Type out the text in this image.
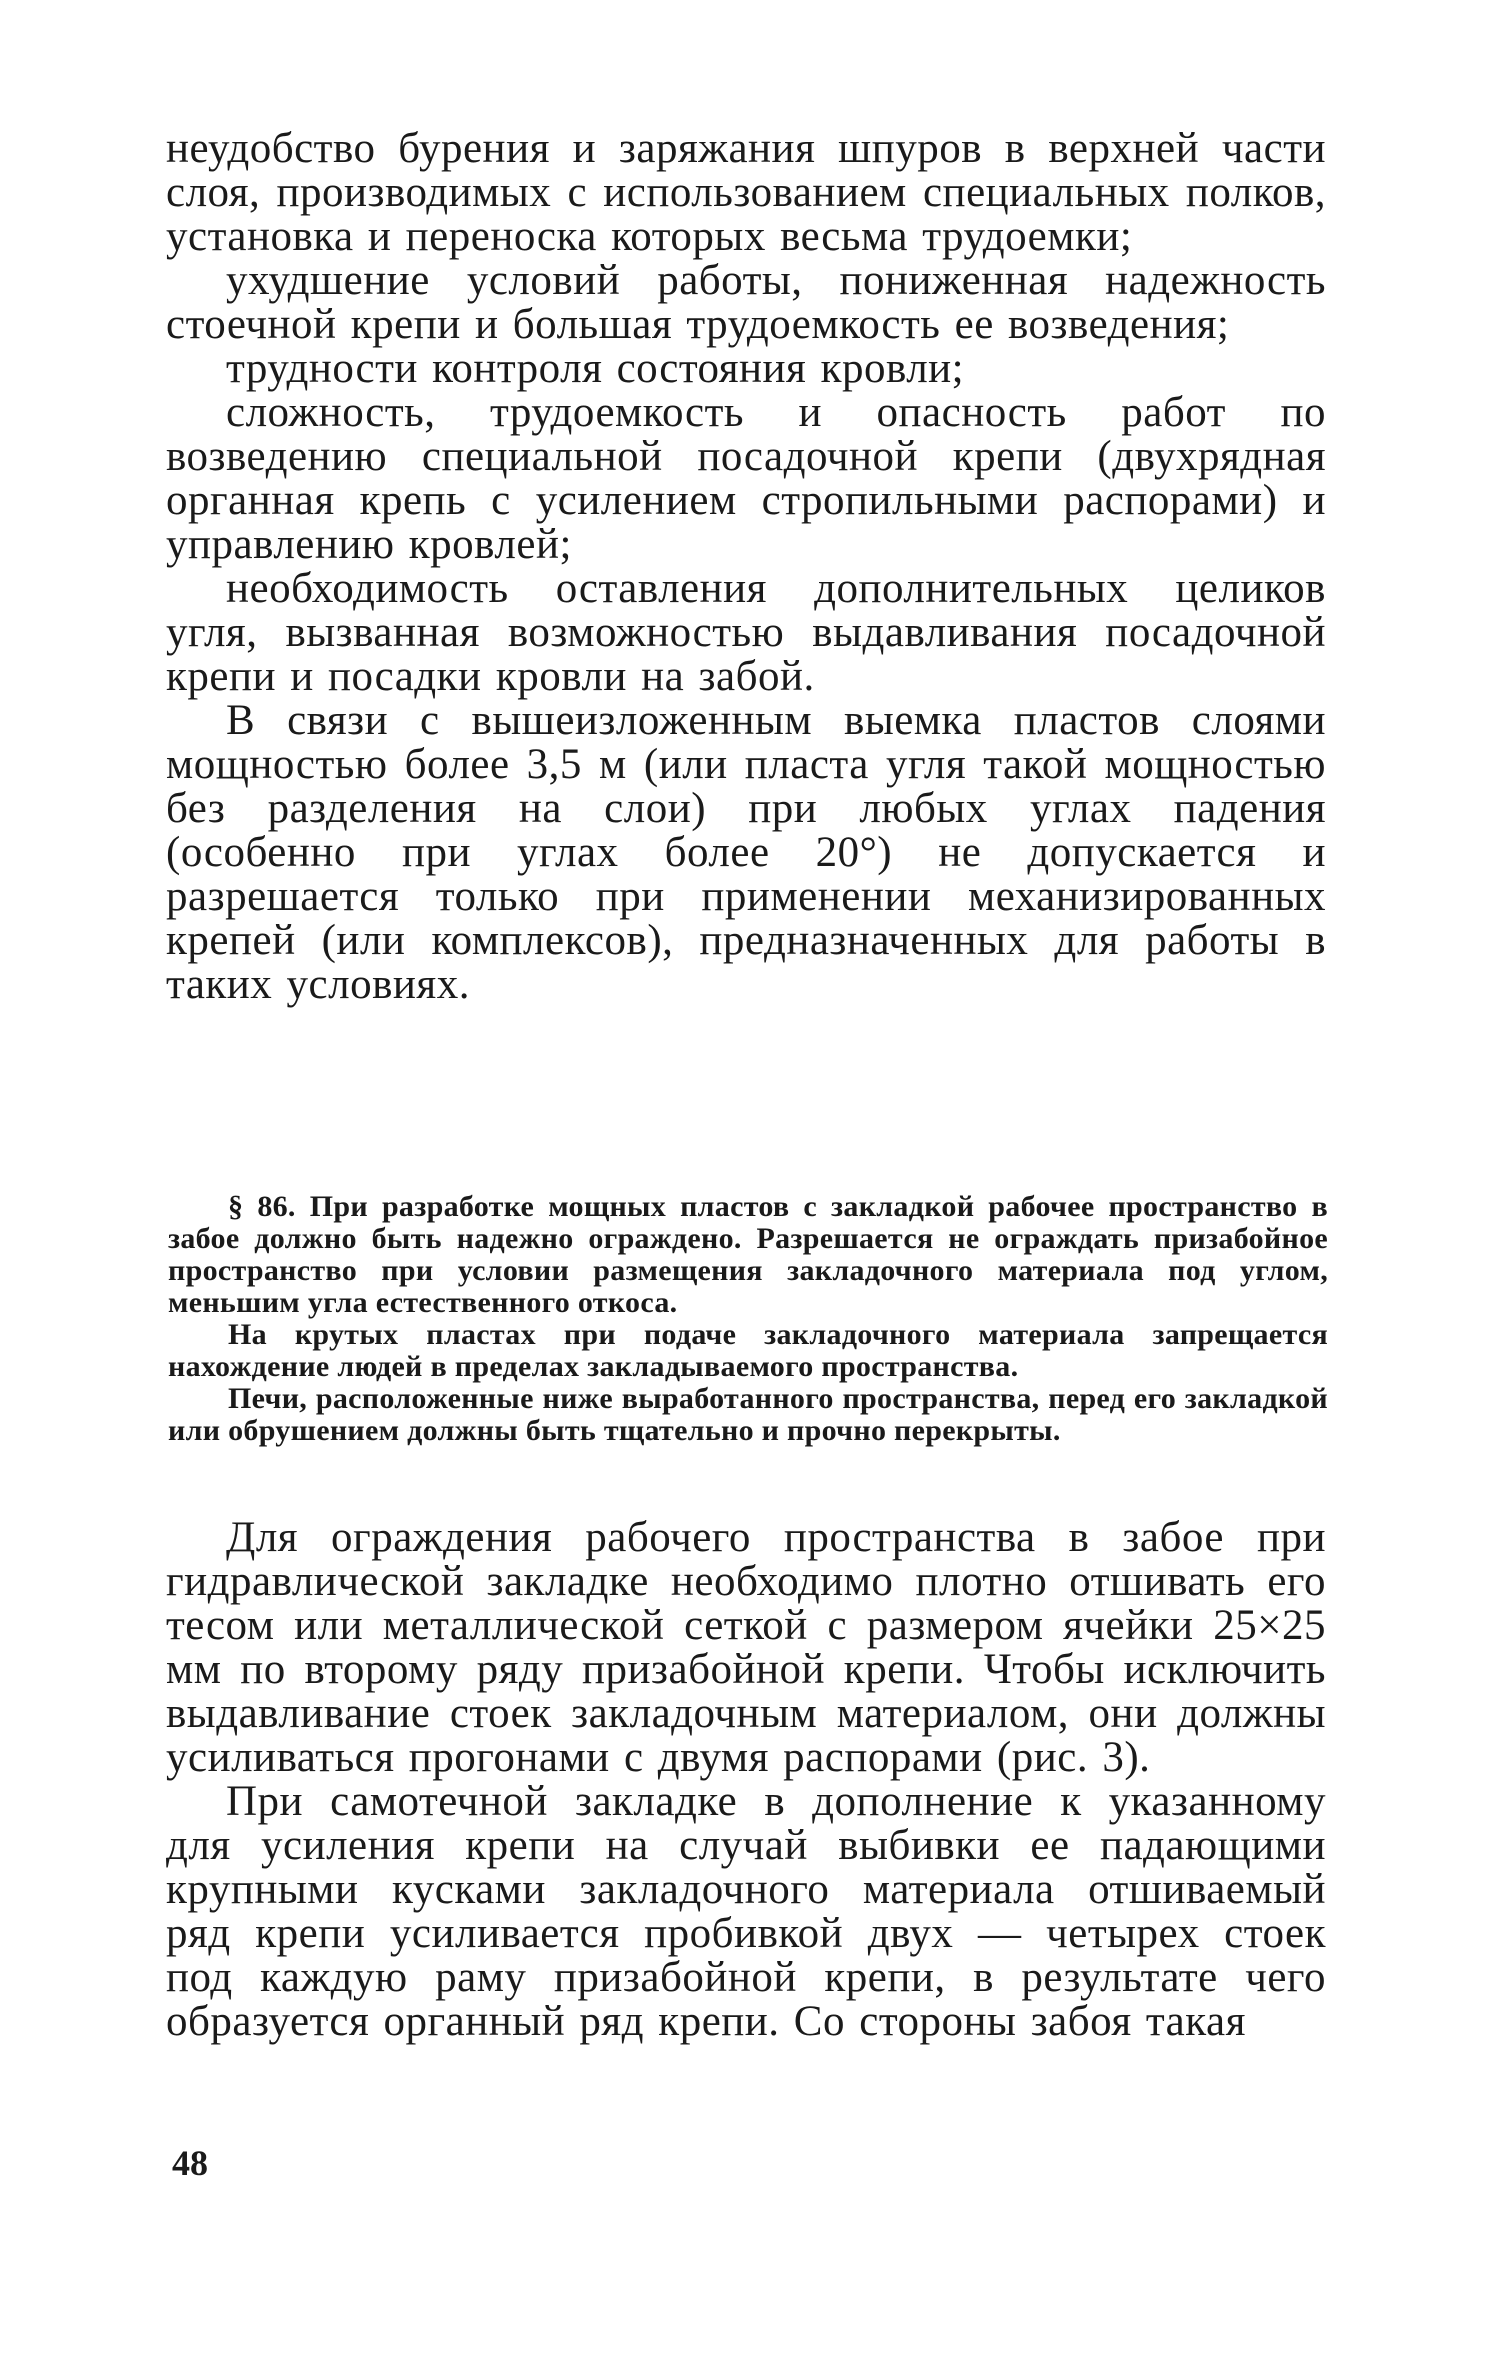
неудобство бурения и заряжания шпуров в верхней части слоя, производимых с использованием специальных полков, установка и переноска которых весьма трудоемки;

ухудшение условий работы, пониженная надежность стоечной крепи и большая трудоемкость ее возведения;

трудности контроля состояния кровли;

сложность, трудоемкость и опасность работ по возведению специальной посадочной крепи (двухрядная органная крепь с усилением стропильными распорами) и управлению кровлей;

необходимость оставления дополнительных целиков угля, вызванная возможностью выдавливания посадочной крепи и посадки кровли на забой.

В связи с вышеизложенным выемка пластов слоями мощностью более 3,5 м (или пласта угля такой мощностью без разделения на слои) при любых углах падения (особенно при углах более 20°) не допускается и разрешается только при применении механизированных крепей (или комплексов), предназначенных для работы в таких условиях.

§ 86. При разработке мощных пластов с закладкой рабочее пространство в забое должно быть надежно ограждено. Разрешается не ограждать призабойное пространство при условии размещения закладочного материала под углом, меньшим угла естественного откоса.

На крутых пластах при подаче закладочного материала запрещается нахождение людей в пределах закладываемого пространства.

Печи, расположенные ниже выработанного пространства, перед его закладкой или обрушением должны быть тщательно и прочно перекрыты.

Для ограждения рабочего пространства в забое при гидравлической закладке необходимо плотно отшивать его тесом или металлической сеткой с размером ячейки 25×25 мм по второму ряду призабойной крепи. Чтобы исключить выдавливание стоек закладочным материалом, они должны усиливаться прогонами с двумя распорами (рис. 3).

При самотечной закладке в дополнение к указанному для усиления крепи на случай выбивки ее падающими крупными кусками закладочного материала отшиваемый ряд крепи усиливается пробивкой двух — четырех стоек под каждую раму призабойной крепи, в результате чего образуется органный ряд крепи. Со стороны забоя такая

48
